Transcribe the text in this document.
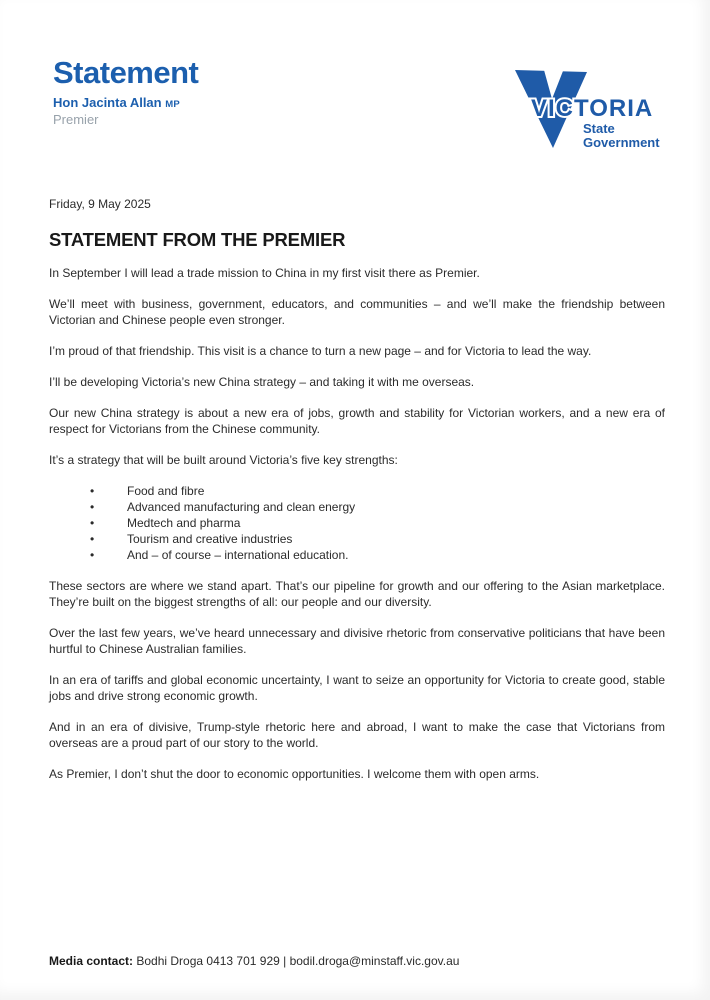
Statement
Hon Jacinta Allan MP
Premier	VICTORIA
State
Government

Friday, 9 May 2025

STATEMENT FROM THE PREMIER

In September I will lead a trade mission to China in my first visit there as Premier.

We’ll meet with business, government, educators, and communities – and we’ll make the friendship between Victorian and Chinese people even stronger.

I’m proud of that friendship. This visit is a chance to turn a new page – and for Victoria to lead the way.

I’ll be developing Victoria’s new China strategy – and taking it with me overseas.

Our new China strategy is about a new era of jobs, growth and stability for Victorian workers, and a new era of respect for Victorians from the Chinese community.

It’s a strategy that will be built around Victoria’s five key strengths:

• Food and fibre
• Advanced manufacturing and clean energy
• Medtech and pharma
• Tourism and creative industries
• And – of course – international education.

These sectors are where we stand apart. That’s our pipeline for growth and our offering to the Asian marketplace. They’re built on the biggest strengths of all: our people and our diversity.

Over the last few years, we’ve heard unnecessary and divisive rhetoric from conservative politicians that have been hurtful to Chinese Australian families.

In an era of tariffs and global economic uncertainty, I want to seize an opportunity for Victoria to create good, stable jobs and drive strong economic growth.

And in an era of divisive, Trump-style rhetoric here and abroad, I want to make the case that Victorians from overseas are a proud part of our story to the world.

As Premier, I don’t shut the door to economic opportunities. I welcome them with open arms.

Media contact: Bodhi Droga 0413 701 929 | bodil.droga@minstaff.vic.gov.au
